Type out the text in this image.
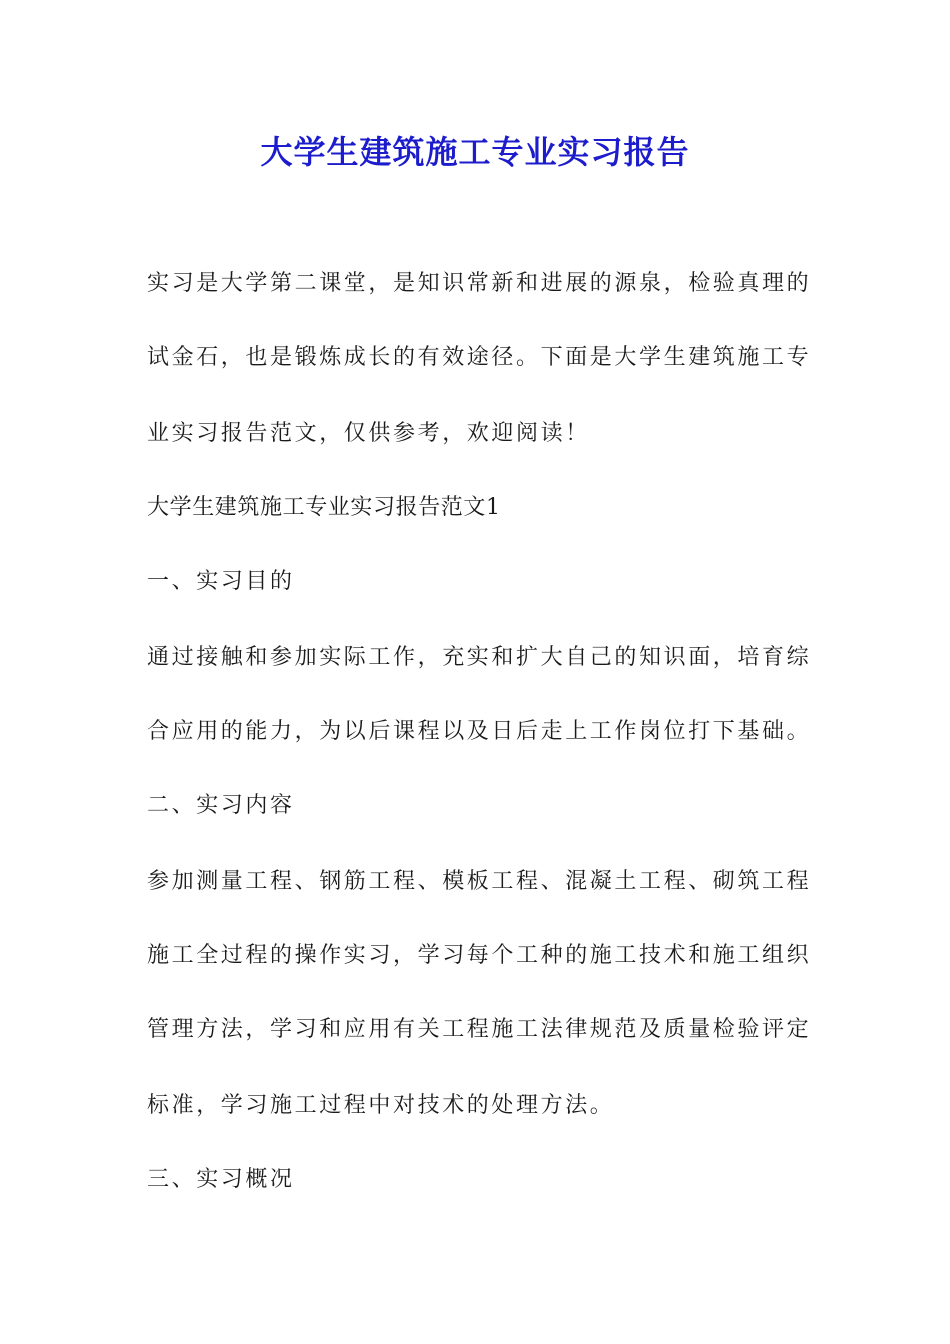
大学生建筑施工专业实习报告
实习是大学第二课堂，是知识常新和进展的源泉，检验真理的
试金石，也是锻炼成长的有效途径。下面是大学生建筑施工专
业实习报告范文，仅供参考，欢迎阅读！
大学生建筑施工专业实习报告范文1
一、实习目的
通过接触和参加实际工作，充实和扩大自己的知识面，培育综
合应用的能力，为以后课程以及日后走上工作岗位打下基础。
二、实习内容
参加测量工程、钢筋工程、模板工程、混凝土工程、砌筑工程
施工全过程的操作实习，学习每个工种的施工技术和施工组织
管理方法，学习和应用有关工程施工法律规范及质量检验评定
标准，学习施工过程中对技术的处理方法。
三、实习概况
